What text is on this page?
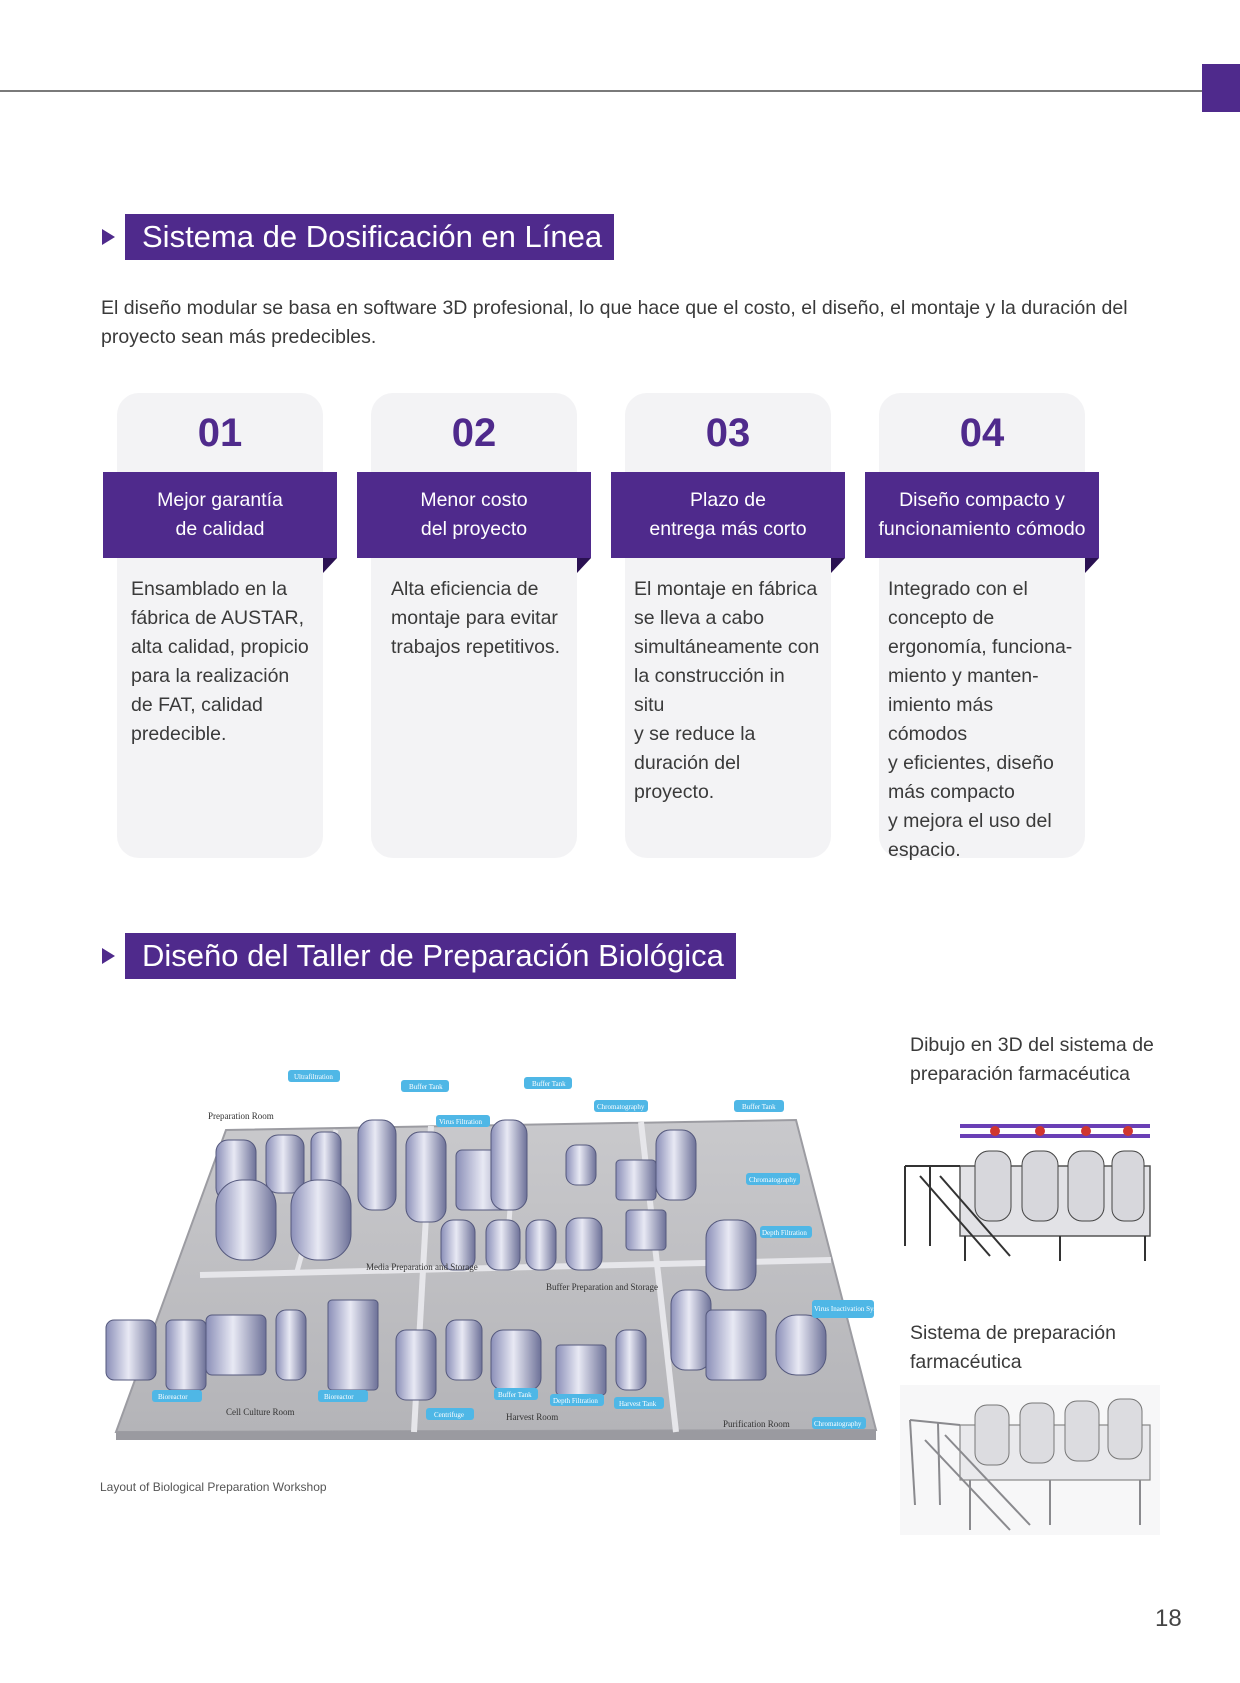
Sistema de Dosificación en Línea

El diseño modular se basa en software 3D profesional, lo que hace que el costo, el diseño, el montaje y la duración del proyecto sean más predecibles.

01
Mejor garantía
de calidad
Ensamblado en la
fábrica de AUSTAR,
alta calidad, propicio
para la realización
de FAT, calidad
predecible.
02
Menor costo
del proyecto
Alta eficiencia de
montaje para evitar
trabajos repetitivos.
03
Plazo de
entrega más corto
El montaje en fábrica
se lleva a cabo
simultáneamente con
la construcción in situ
y se reduce la
duración del proyecto.
04
Diseño compacto y
funcionamiento cómodo
Integrado con el
concepto de
ergonomía, funciona-
miento y manten-
imiento más cómodos
y eficientes, diseño
más compacto
y mejora el uso del
espacio.
Diseño del Taller de Preparación Biológica
Preparation Room
Media Preparation and Storage
Buffer Preparation and Storage
Cell Culture Room	Harvest Room
Purification Room
Ultrafiltration
Buffer Tank
Virus Filtration
Buffer Tank
Chromatography	Buffer Tank
Chromatography
Depth Filtration
Virus Inactivation System
Bioreactor	Bioreactor
Centrifuge
Buffer Tank
Depth Filtration	Harvest Tank
Chromatography
Layout of Biological Preparation Workshop
Dibujo en 3D del sistema de
preparación farmacéutica
Sistema de preparación
farmacéutica
18
